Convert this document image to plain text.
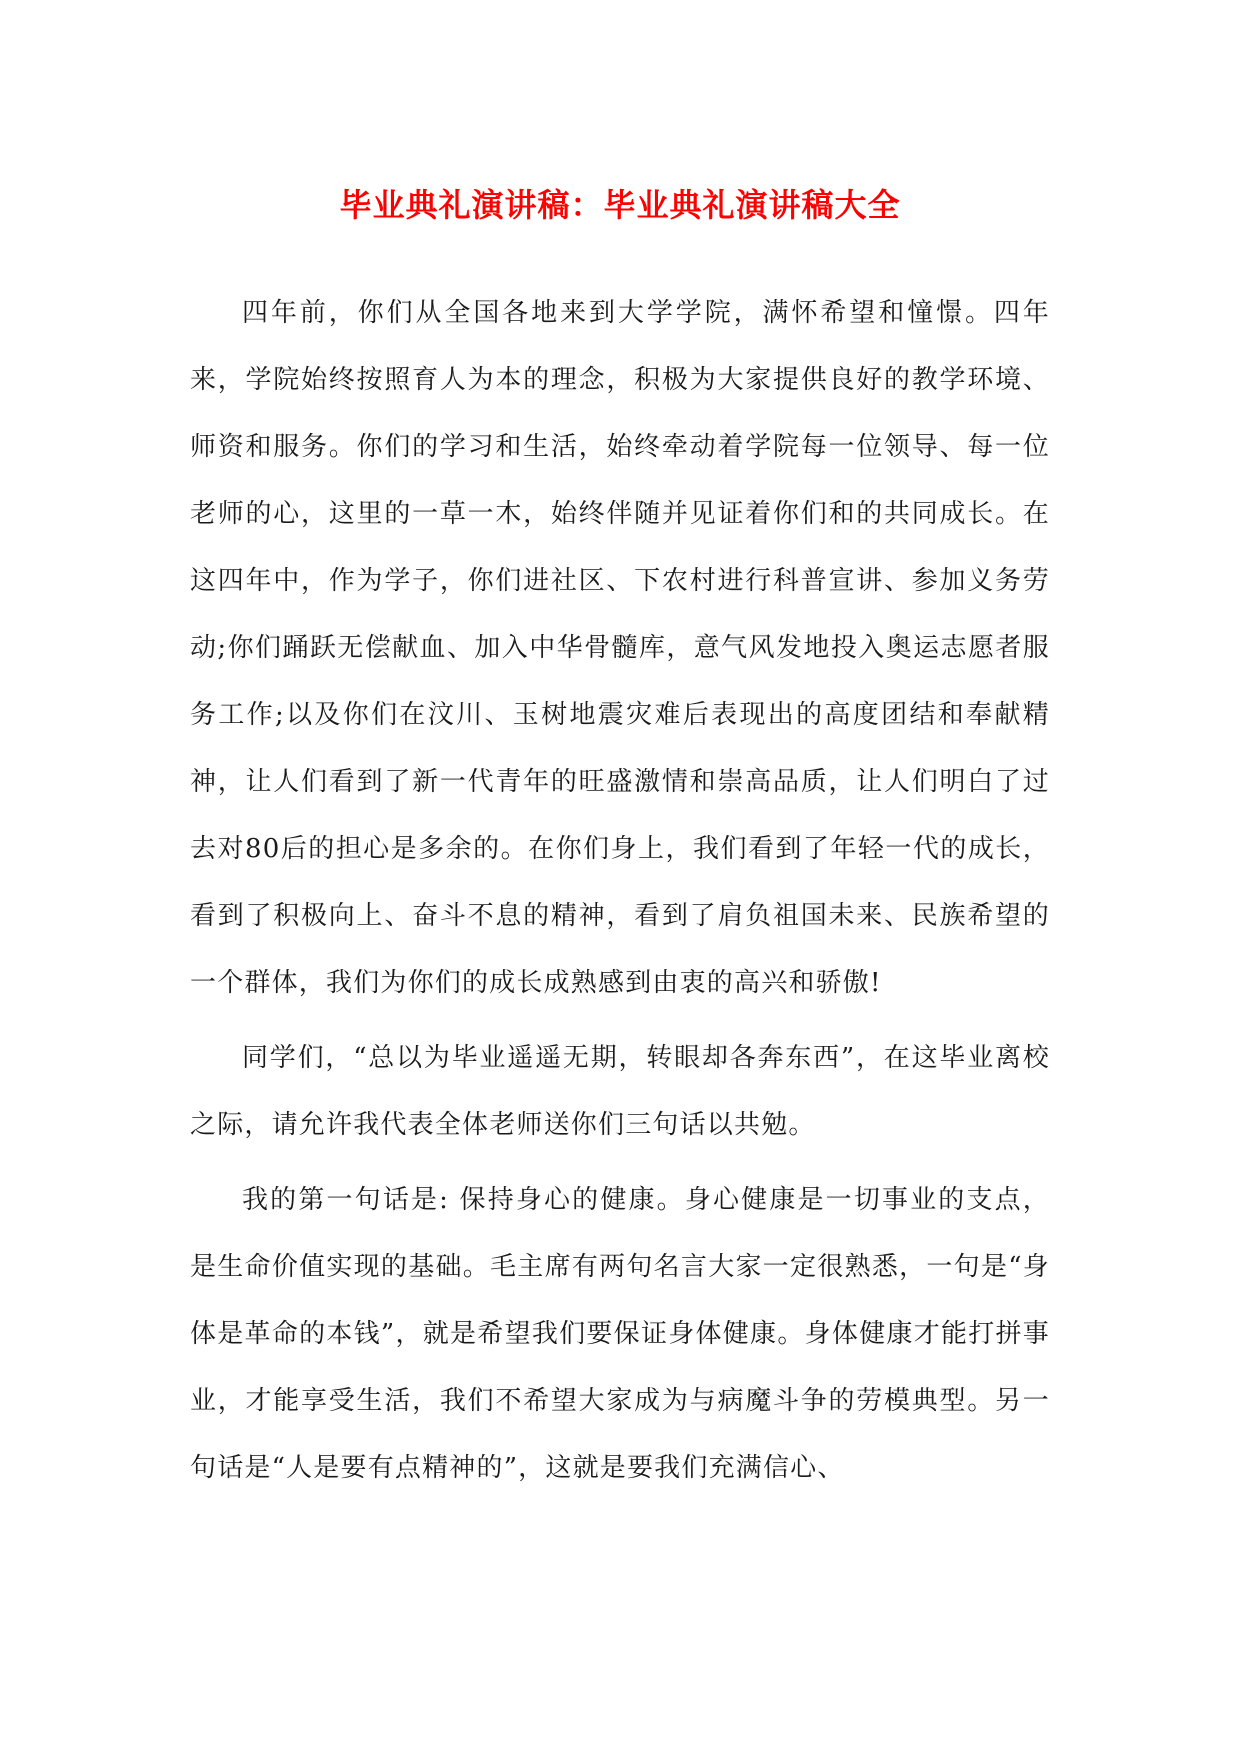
毕业典礼演讲稿：毕业典礼演讲稿大全

四年前，你们从全国各地来到大学学院，满怀希望和憧憬。四年来，学院始终按照育人为本的理念，积极为大家提供良好的教学环境、师资和服务。你们的学习和生活，始终牵动着学院每一位领导、每一位老师的心，这里的一草一木，始终伴随并见证着你们和的共同成长。在这四年中，作为学子，你们进社区、下农村进行科普宣讲、参加义务劳动;你们踊跃无偿献血、加入中华骨髓库，意气风发地投入奥运志愿者服务工作;以及你们在汶川、玉树地震灾难后表现出的高度团结和奉献精神，让人们看到了新一代青年的旺盛激情和崇高品质，让人们明白了过去对80后的担心是多余的。在你们身上，我们看到了年轻一代的成长，看到了积极向上、奋斗不息的精神，看到了肩负祖国未来、民族希望的一个群体，我们为你们的成长成熟感到由衷的高兴和骄傲!

同学们，“总以为毕业遥遥无期，转眼却各奔东西”，在这毕业离校之际，请允许我代表全体老师送你们三句话以共勉。

我的第一句话是: 保持身心的健康。身心健康是一切事业的支点，是生命价值实现的基础。毛主席有两句名言大家一定很熟悉，一句是“身体是革命的本钱”，就是希望我们要保证身体健康。身体健康才能打拼事业，才能享受生活，我们不希望大家成为与病魔斗争的劳模典型。另一句话是“人是要有点精神的”，这就是要我们充满信心、
